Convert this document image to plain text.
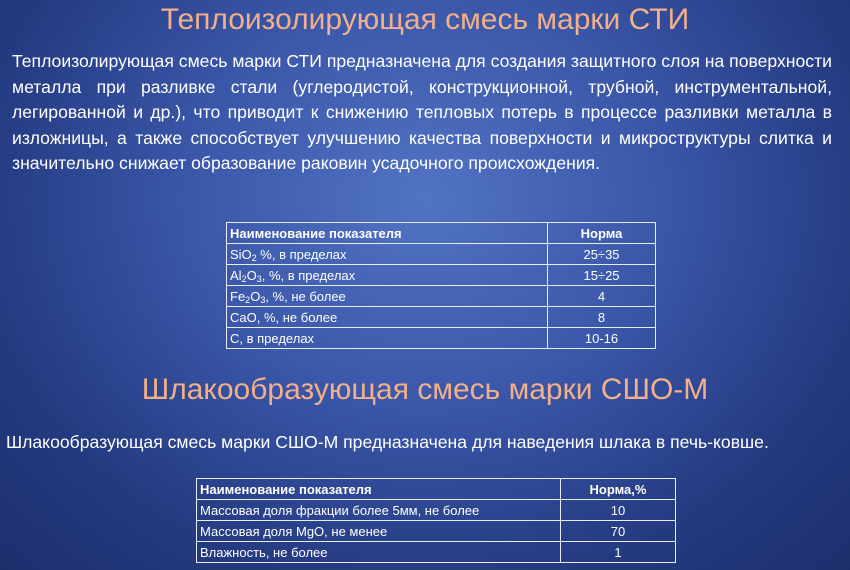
Теплоизолирующая смесь марки СТИ

Теплоизолирующая смесь марки СТИ предназначена для создания защитного слоя на поверхности металла при разливке стали (углеродистой, конструкционной, трубной, инструментальной, легированной и др.), что приводит к снижению тепловых потерь в процессе разливки металла в изложницы, а также способствует улучшению качества поверхности и микроструктуры слитка и значительно снижает образование раковин усадочного происхождения.

Наименование показателя	Норма
SiO$_2$ %, в пределах	25÷35
$Al_2O_3$, %, в пределах	15÷25
$Fe_2O_3$, %, не более	4
CaO, %, не более	8
С, в пределах	10-16
Шлакообразующая смесь марки СШО-М

Шлакообразующая смесь марки СШО-М предназначена для наведения шлака в печь-ковше.

Наименование показателя	Норма,%
Массовая доля фракции более 5мм, не более	10
Массовая доля MgO, не менее	70
Влажность, не более	1
